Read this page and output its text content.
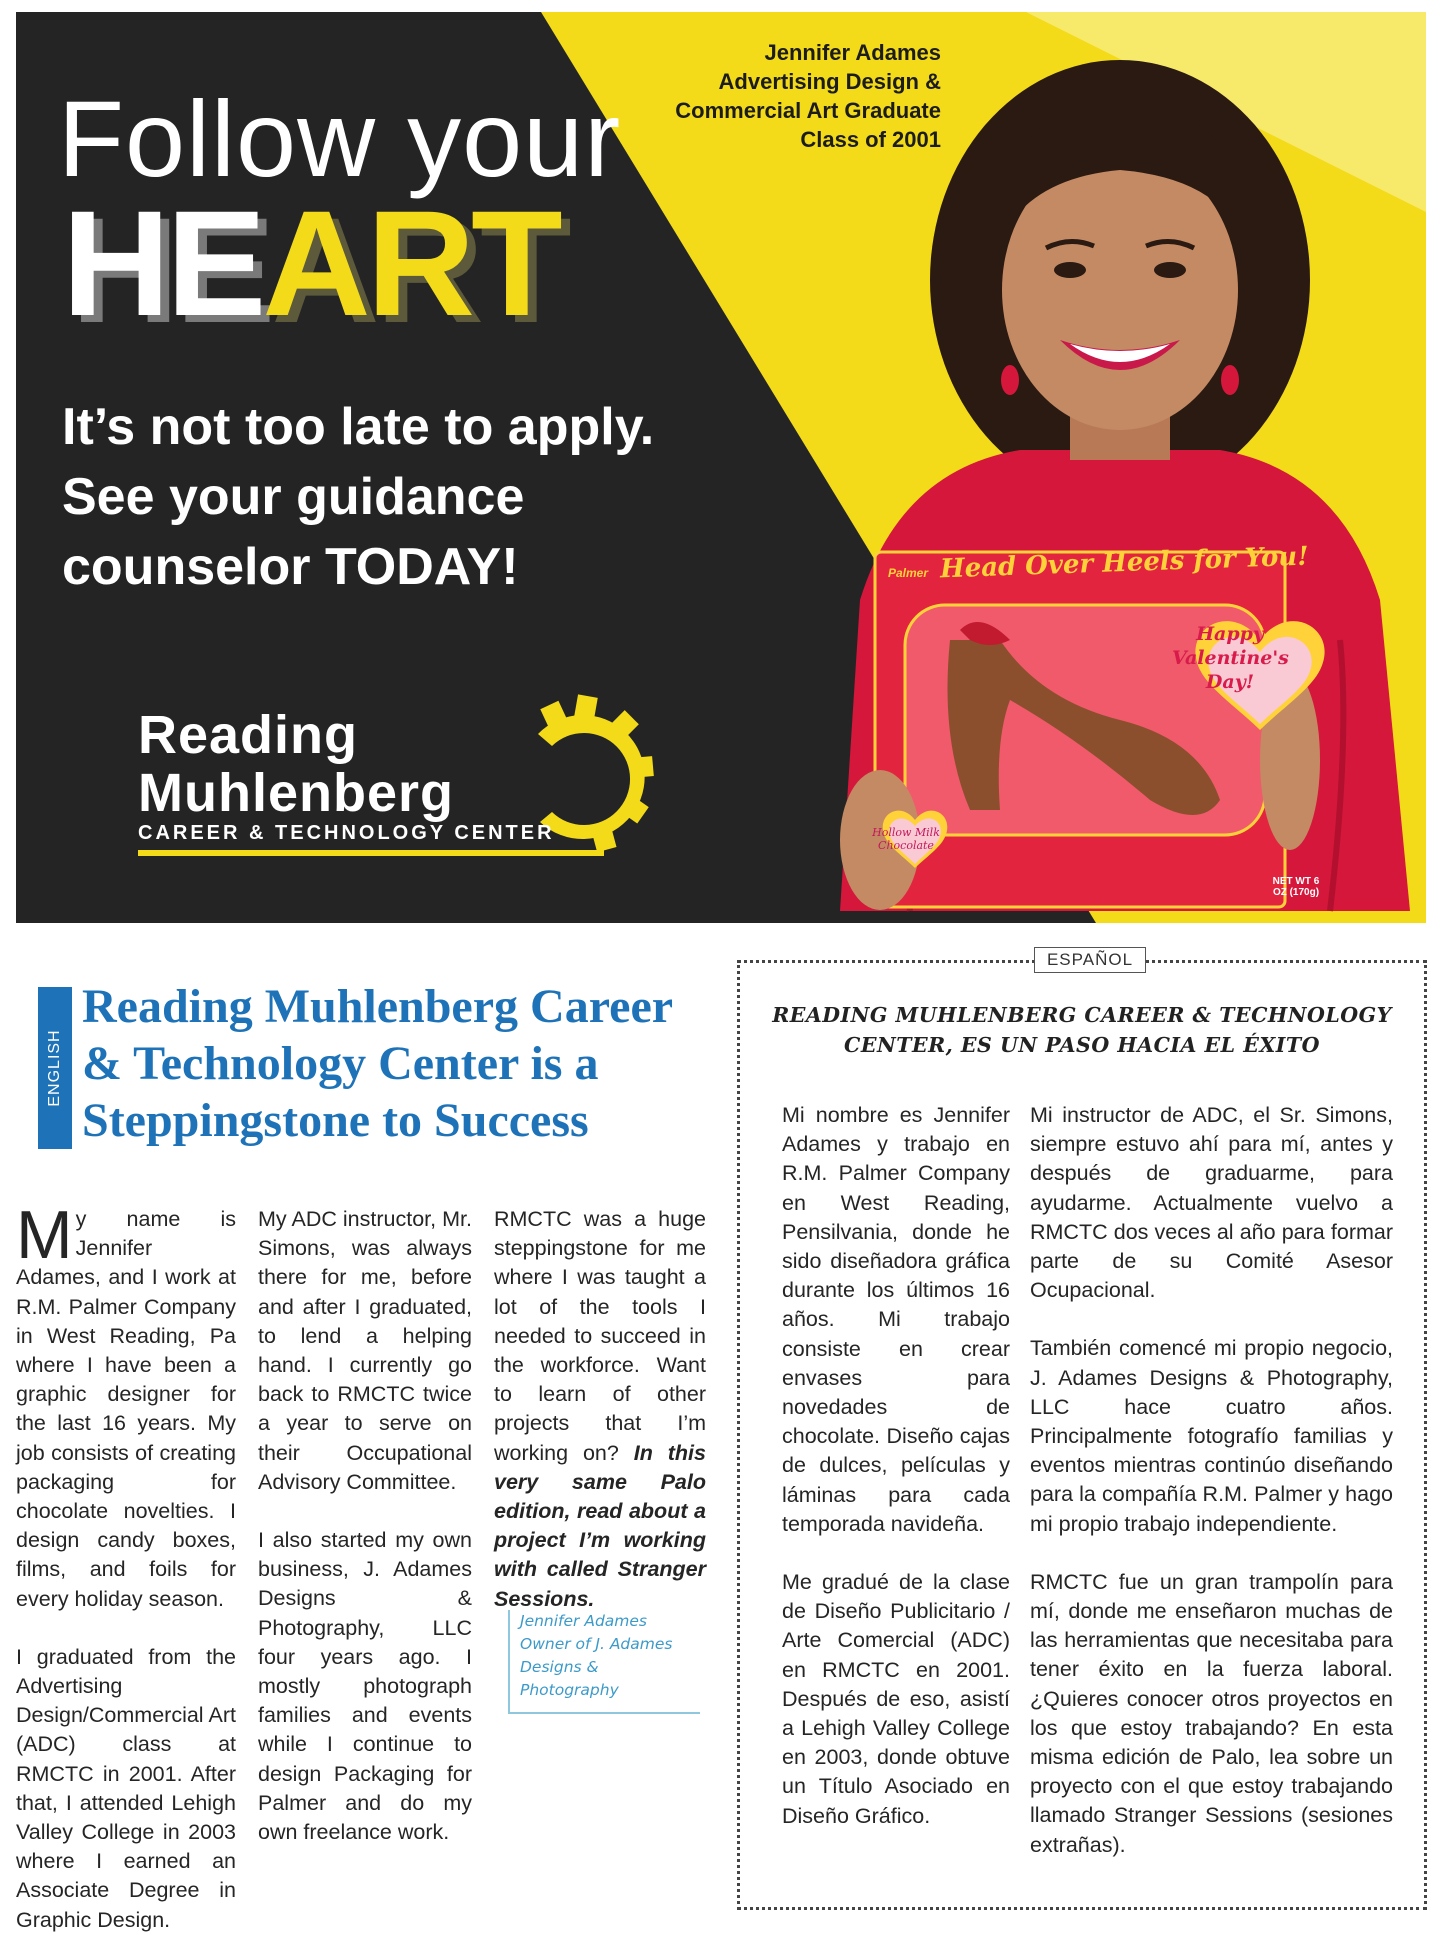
Jennifer Adames
Advertising Design &
Commercial Art Graduate
Class of 2001
Follow your
HEART
It’s not too late to apply.
See your guidance
counselor TODAY!
Reading
Muhlenberg
CAREER & TECHNOLOGY CENTER
Palmer Head Over Heels for You!
Happy Valentine's Day!
Hollow Milk Chocolate
NET WT 6 OZ (170g)
ENGLISH
Reading Muhlenberg Career & Technology Center is a Steppingstone to Success

My name is Jennifer Adames, and I work at R.M. Palmer Company in West Reading, Pa where I have been a graphic designer for the last 16 years. My job consists of creating packaging for chocolate novelties. I design candy boxes, films, and foils for every holiday season.

I graduated from the Advertising Design/Commercial Art (ADC) class at RMCTC in 2001. After that, I attended Lehigh Valley College in 2003 where I earned an Associate Degree in Graphic Design.

My ADC instructor, Mr. Simons, was always there for me, before and after I graduated, to lend a helping hand. I currently go back to RMCTC twice a year to serve on their Occupational Advisory Committee.

I also started my own business, J. Adames Designs & Photography, LLC four years ago. I mostly photograph families and events while I continue to design Packaging for Palmer and do my own freelance work.

RMCTC was a huge steppingstone for me where I was taught a lot of the tools I needed to succeed in the workforce. Want to learn of other projects that I’m working on? In this very same Palo edition, read about a project I’m working with called Stranger Sessions.

Jennifer Adames
Owner of J. Adames
Designs & Photography
ESPAÑOL
READING MUHLENBERG CAREER & TECHNOLOGY CENTER, ES UN PASO HACIA EL ÉXITO

Mi nombre es Jennifer Adames y trabajo en R.M. Palmer Company en West Reading, Pensilvania, donde he sido diseñadora gráfica durante los últimos 16 años. Mi trabajo consiste en crear envases para novedades de chocolate. Diseño cajas de dulces, películas y láminas para cada temporada navideña.

Me gradué de la clase de Diseño Publicitario / Arte Comercial (ADC) en RMCTC en 2001. Después de eso, asistí a Lehigh Valley College en 2003, donde obtuve un Título Asociado en Diseño Gráfico.

Mi instructor de ADC, el Sr. Simons, siempre estuvo ahí para mí, antes y después de graduarme, para ayudarme. Actualmente vuelvo a RMCTC dos veces al año para formar parte de su Comité Asesor Ocupacional.

También comencé mi propio negocio, J. Adames Designs & Photography, LLC hace cuatro años. Principalmente fotografío familias y eventos mientras continúo diseñando para la compañía R.M. Palmer y hago mi propio trabajo independiente.

RMCTC fue un gran trampolín para mí, donde me enseñaron muchas de las herramientas que necesitaba para tener éxito en la fuerza laboral. ¿Quieres conocer otros proyectos en los que estoy trabajando? En esta misma edición de Palo, lea sobre un proyecto con el que estoy trabajando llamado Stranger Sessions (sesiones extrañas).
